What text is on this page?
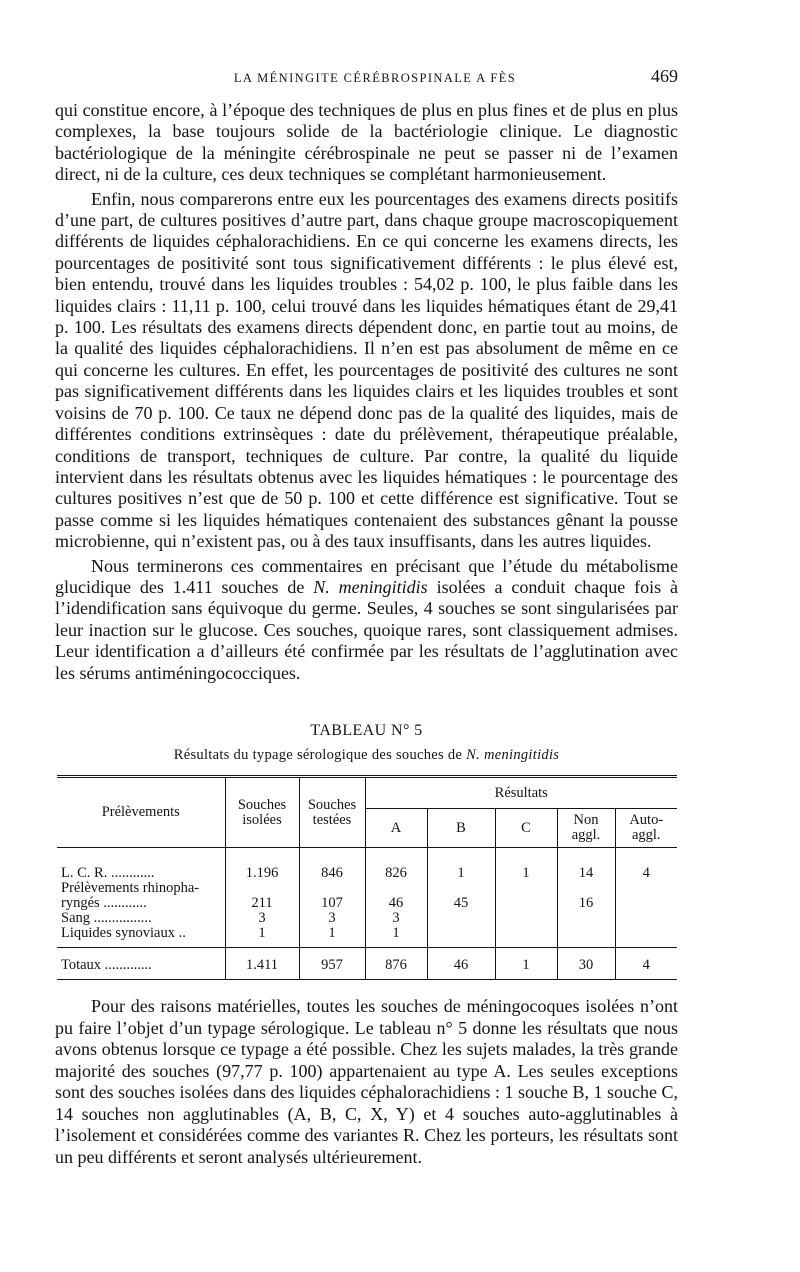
LA MÉNINGITE CÉRÉBROSPINALE A FÈS	469

qui constitue encore, à l’époque des techniques de plus en plus fines et de plus en plus complexes, la base toujours solide de la bactériologie clinique. Le diagnostic bactériologique de la méningite cérébrospinale ne peut se passer ni de l’examen direct, ni de la culture, ces deux techniques se complétant harmonieusement.

Enfin, nous comparerons entre eux les pourcentages des examens directs positifs d’une part, de cultures positives d’autre part, dans chaque groupe macroscopiquement différents de liquides céphalorachidiens. En ce qui concerne les examens directs, les pourcentages de positivité sont tous significativement différents : le plus élevé est, bien entendu, trouvé dans les liquides troubles : 54,02 p. 100, le plus faible dans les liquides clairs : 11,11 p. 100, celui trouvé dans les liquides hématiques étant de 29,41 p. 100. Les résultats des examens directs dépendent donc, en partie tout au moins, de la qualité des liquides céphalorachidiens. Il n’en est pas absolument de même en ce qui concerne les cultures. En effet, les pourcentages de positivité des cultures ne sont pas significativement différents dans les liquides clairs et les liquides troubles et sont voisins de 70 p. 100. Ce taux ne dépend donc pas de la qualité des liquides, mais de différentes conditions extrinsèques : date du prélèvement, thérapeutique préalable, conditions de transport, techniques de culture. Par contre, la qualité du liquide intervient dans les résultats obtenus avec les liquides hématiques : le pourcentage des cultures positives n’est que de 50 p. 100 et cette différence est significative. Tout se passe comme si les liquides hématiques contenaient des substances gênant la pousse microbienne, qui n’existent pas, ou à des taux insuffisants, dans les autres liquides.

Nous terminerons ces commentaires en précisant que l’étude du métabolisme glucidique des 1.411 souches de N. meningitidis isolées a conduit chaque fois à l’idendification sans équivoque du germe. Seules, 4 souches se sont singularisées par leur inaction sur le glucose. Ces souches, quoique rares, sont classiquement admises. Leur identification a d’ailleurs été confirmée par les résultats de l’agglutination avec les sérums antiméningococciques.

TABLEAU N° 5
Résultats du typage sérologique des souches de N. meningitidis
Prélèvements	Souches isolées	Souches testées	Résultats				
			A	B	C	Non aggl.	Auto-aggl.
L. C. R. ............	1.196	846	826	1	1	14	4
Prélèvements rhinopha-ryngés ............	211	107	46	45		16	
Sang ................	3	3	3				
Liquides synoviaux ..	1	1	1				
Totaux .............	1.411	957	876	46	1	30	4

Pour des raisons matérielles, toutes les souches de méningocoques isolées n’ont pu faire l’objet d’un typage sérologique. Le tableau n° 5 donne les résultats que nous avons obtenus lorsque ce typage a été possible. Chez les sujets malades, la très grande majorité des souches (97,77 p. 100) appartenaient au type A. Les seules exceptions sont des souches isolées dans des liquides céphalorachidiens : 1 souche B, 1 souche C, 14 souches non agglutinables (A, B, C, X, Y) et 4 souches auto-agglutinables à l’isolement et considérées comme des variantes R. Chez les porteurs, les résultats sont un peu différents et seront analysés ultérieurement.
